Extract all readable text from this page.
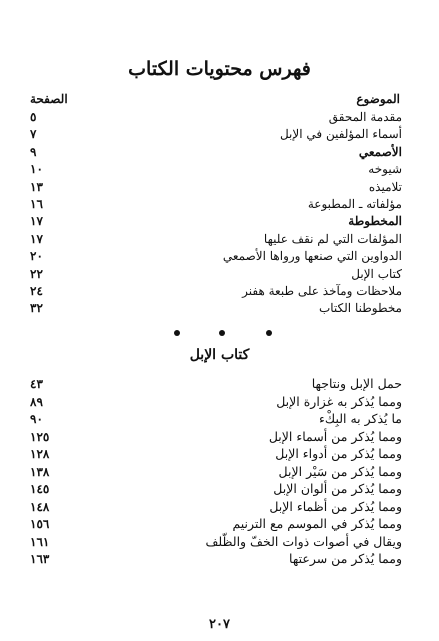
فهرس محتويات الكتاب
الموضوع
الصفحة
مقدمة المحقق
٥
أسماء المؤلفين في الإبل
٧
الأصمعي
٩
شيوخه
١٠
تلاميذه
١٣
مؤلفاته ـ المطبوعة
١٦
المخطوطة
١٧
المؤلفات التي لم نقف عليها
١٧
الدواوين التي صنعها ورواها الأصمعي
٢٠
كتاب الإبل
٢٢
ملاحظات ومآخذ على طبعة هفنر
٢٤
مخطوطنا الكتاب
٣٢
كتاب الإبل
حمل الإبل ونتاجها
٤٣
ومما يُذكر به غزارة الإبل
٨٩
ما يُذكر به البِكْء
٩٠
ومما يُذكر من أسماء الإبل
١٢٥
ومما يُذكر من أدواء الإبل
١٢٨
ومما يُذكر من سَيْر الإبل
١٣٨
ومما يُذكر من ألوان الإبل
١٤٥
ومما يُذكر من أظماء الإبل
١٤٨
ومما يُذكر في الموسم مع الترنيم
١٥٦
ويقال في أصوات ذوات الخفّ والظّلف
١٦١
ومما يُذكر من سرعتها
١٦٣
٢٠٧
